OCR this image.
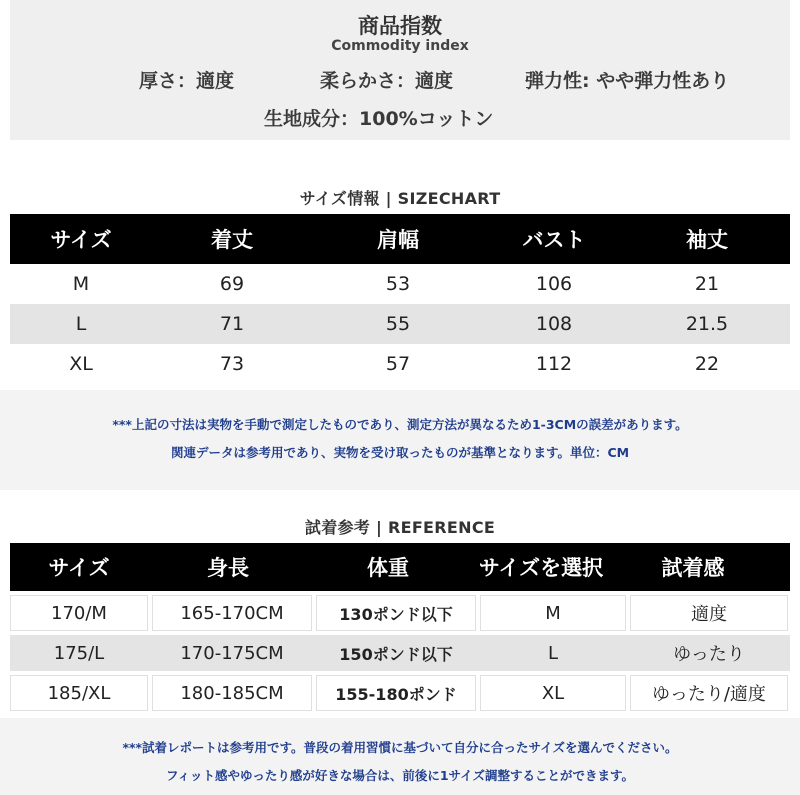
商品指数
Commodity index
厚さ：適度	柔らかさ：適度	弾力性: やや弾力性あり
生地成分：100%コットン
サイズ情報 | SIZECHART
サイズ	着丈	肩幅	バスト	袖丈
M	69	53	106	21
L	71	55	108	21.5
XL	73	57	112	22
***上記の寸法は実物を手動で測定したものであり、測定方法が異なるため1-3CMの誤差があります。
関連データは参考用であり、実物を受け取ったものが基準となります。単位：CM
試着参考 | REFERENCE
サイズ	身長	体重	サイズを選択	試着感
170/M	165-170CM	130ポンド以下	M	適度
175/L	170-175CM	150ポンド以下	L	ゆったり
185/XL	180-185CM	155-180ポンド	XL	ゆったり/適度
***試着レポートは参考用です。普段の着用習慣に基づいて自分に合ったサイズを選んでください。
フィット感やゆったり感が好きな場合は、前後に1サイズ調整することができます。
